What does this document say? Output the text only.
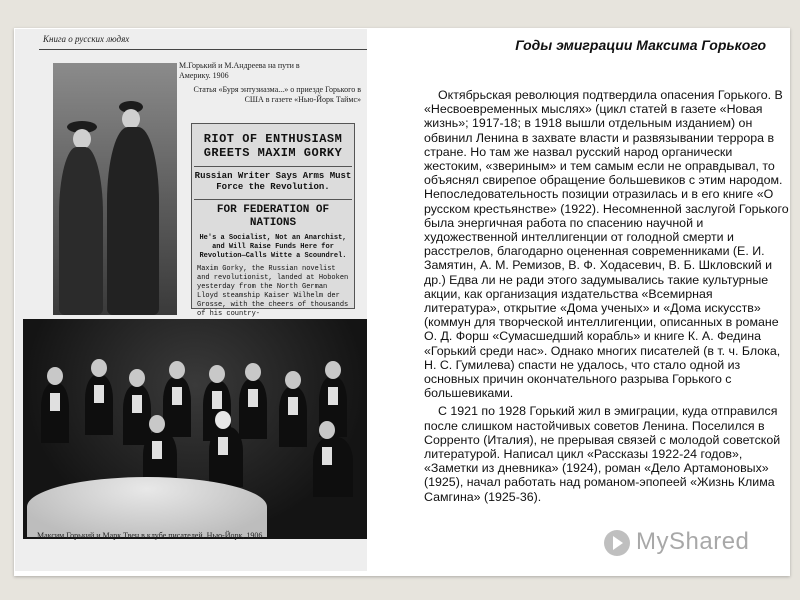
Книга о русских людях
М.Горький и М.Андреева на пути в Америку. 1906
Статья «Буря энтузиазма...» о приезде Горького в США в газете «Нью-Йорк Таймс»
RIOT OF ENTHUSIASM GREETS MAXIM GORKY
Russian Writer Says Arms Must Force the Revolution.
FOR FEDERATION OF NATIONS
He's a Socialist, Not an Anarchist, and Will Raise Funds Here for Revolution—Calls Witte a Scoundrel.
Maxim Gorky, the Russian novelist and revolutionist, landed at Hoboken yesterday from the North German Lloyd steamship Kaiser Wilhelm der Grosse, with the cheers of thousands of his country-
Максим Горький и Марк Твен в клубе писателей. Нью-Йорк, 1906
Годы эмиграции Максима Горького

Октябрьская революция подтвердила опасения Горького. В «Несвоевременных мыслях» (цикл статей в газете «Новая жизнь»; 1917-18; в 1918 вышли отдельным изданием) он обвинил Ленина в захвате власти и развязывании террора в стране. Но там же назвал русский народ органически жестоким, «звериным» и тем самым если не оправдывал, то объяснял свирепое обращение большевиков с этим народом. Непоследовательность позиции отразилась и в его книге «О русском крестьянстве» (1922). Несомненной заслугой Горького была энергичная работа по спасению научной и художественной интеллигенции от голодной смерти и расстрелов, благодарно оцененная современниками (Е. И. Замятин, А. М. Ремизов, В. Ф. Ходасевич, В. Б. Шкловский и др.) Едва ли не ради этого задумывались такие культурные акции, как организация издательства «Всемирная литература», открытие «Дома ученых» и «Дома искусств» (коммун для творческой интеллигенции, описанных в романе О. Д. Форш «Сумасшедший корабль» и книге К. А. Федина «Горький среди нас». Однако многих писателей (в т. ч. Блока, Н. С. Гумилева) спасти не удалось, что стало одной из основных причин окончательного разрыва Горького с большевиками.

С 1921 по 1928 Горький жил в эмиграции, куда отправился после слишком настойчивых советов Ленина. Поселился в Сорренто (Италия), не прерывая связей с молодой советской литературой. Написал цикл «Рассказы 1922-24 годов», «Заметки из дневника» (1924), роман «Дело Артамоновых» (1925), начал работать над романом-эпопеей «Жизнь Клима Самгина» (1925-36).

MyShared
